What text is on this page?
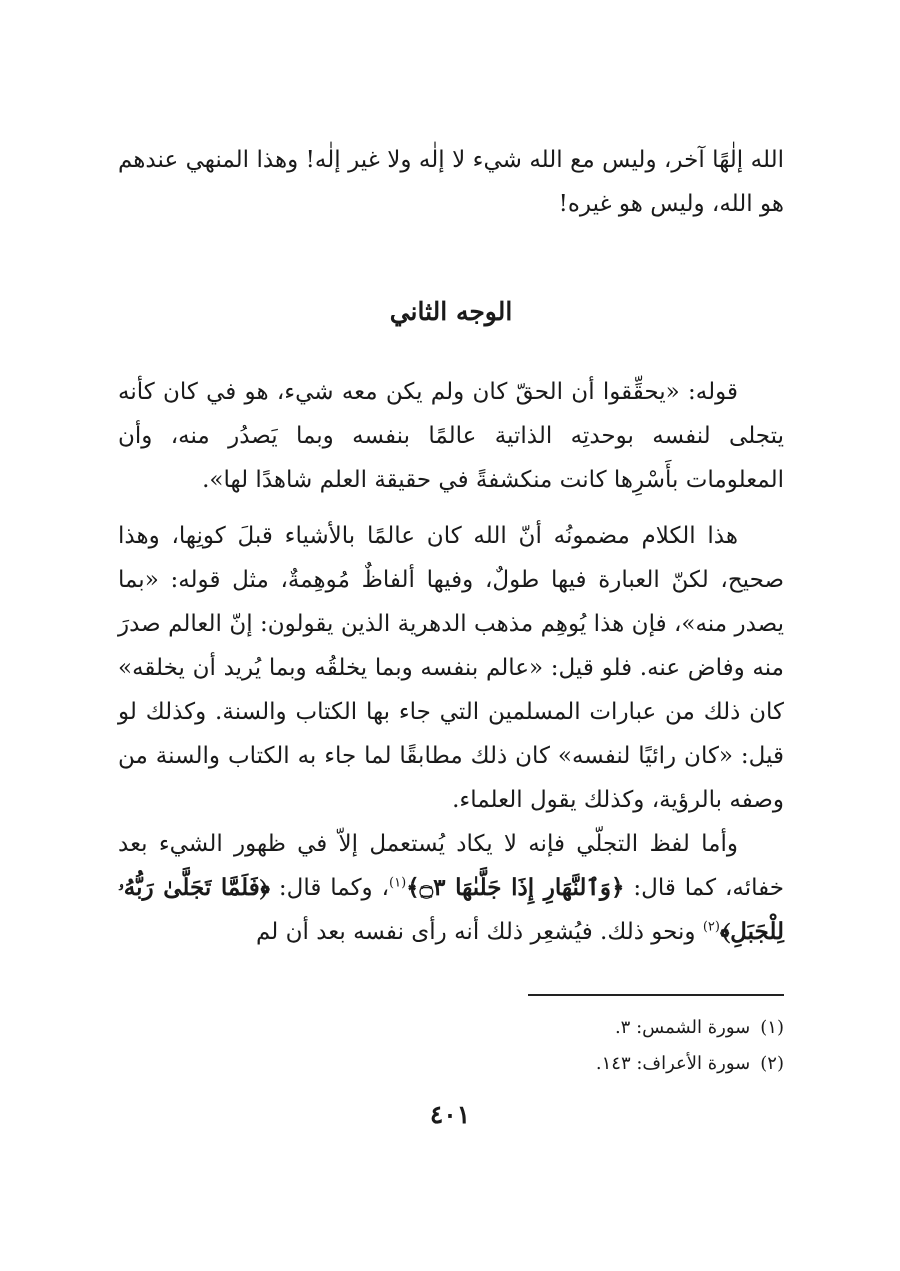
الله إلٰهًا آخر، وليس مع الله شيء لا إلٰه ولا غير إلٰه! وهذا المنهي عندهم هو الله، وليس هو غيره!

الوجه الثاني

قوله: «يحقِّقوا أن الحقّ كان ولم يكن معه شيء، هو في كان كأنه يتجلى لنفسه بوحدتِه الذاتية عالمًا بنفسه وبما يَصدُر منه، وأن المعلومات بأَسْرِها كانت منكشفةً في حقيقة العلم شاهدًا لها».

هذا الكلام مضمونُه أنّ الله كان عالمًا بالأشياء قبلَ كونِها، وهذا صحيح، لكنّ العبارة فيها طولٌ، وفيها ألفاظٌ مُوهِمةٌ، مثل قوله: «بما يصدر منه»، فإن هذا يُوهِم مذهب الدهرية الذين يقولون: إنّ العالم صدرَ منه وفاض عنه. فلو قيل: «عالم بنفسه وبما يخلقُه وبما يُريد أن يخلقه» كان ذلك من عبارات المسلمين التي جاء بها الكتاب والسنة. وكذلك لو قيل: «كان رائيًا لنفسه» كان ذلك مطابقًا لما جاء به الكتاب والسنة من وصفه بالرؤية، وكذلك يقول العلماء.

وأما لفظ التجلّي فإنه لا يكاد يُستعمل إلاّ في ظهور الشيء بعد خفائه، كما قال: ﴿وَٱلنَّهَارِ إِذَا جَلَّىٰهَا ۝٣﴾$^{(١)}$، وكما قال: ﴿فَلَمَّا تَجَلَّىٰ رَبُّهُۥ لِلْجَبَلِ﴾$^{(٢)}$ ونحو ذلك. فيُشعِر ذلك أنه رأى نفسه بعد أن لم

(١)سورة الشمس: ٣.
(٢)سورة الأعراف: ١٤٣.
٤٠١
